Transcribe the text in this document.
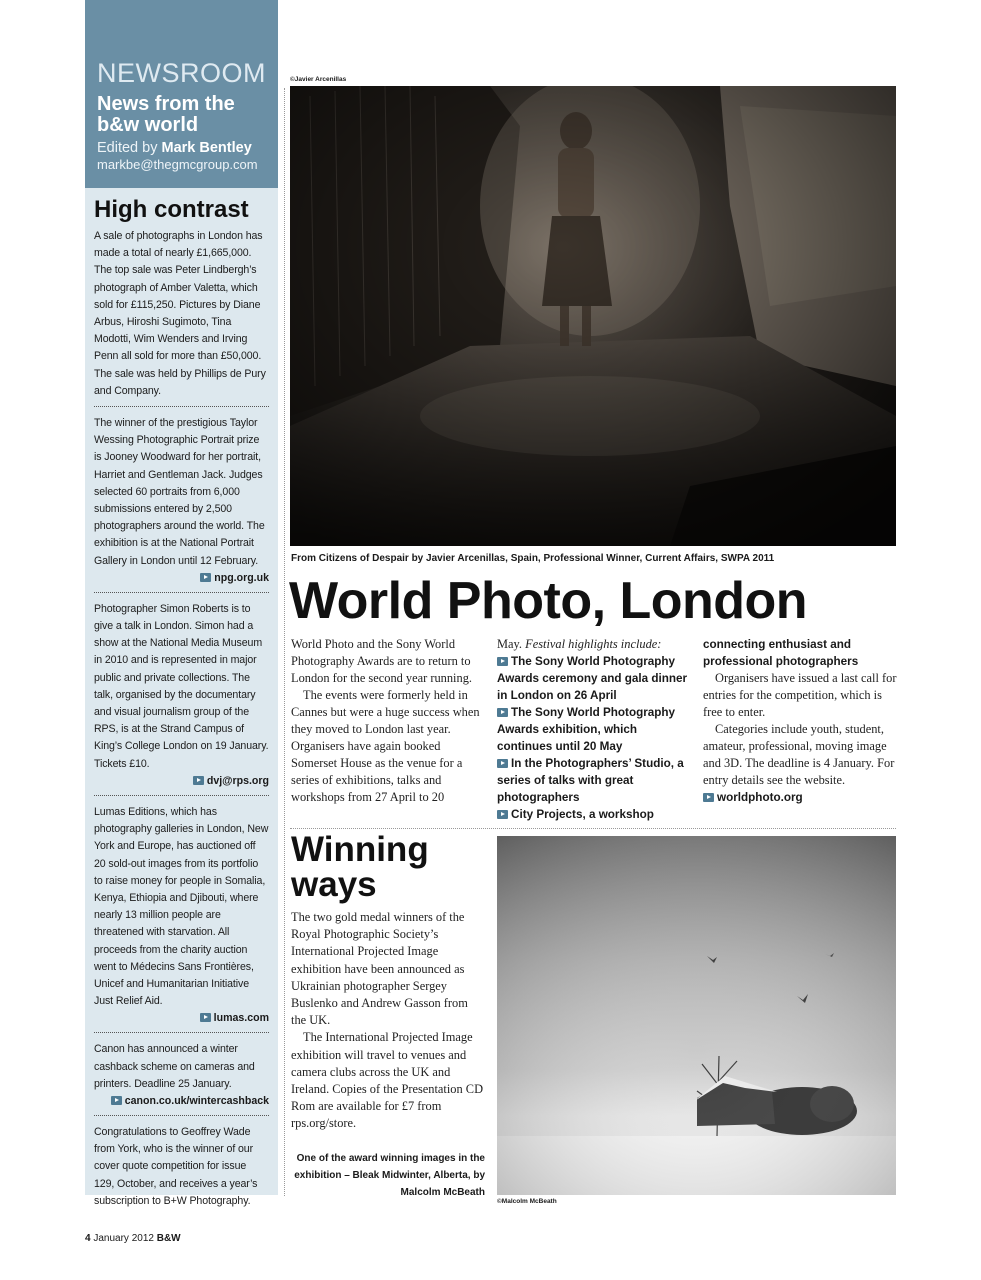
NEWSROOM
News from the b&w world
Edited by Mark Bentley
markbe@thegmcgroup.com
High contrast

A sale of photographs in London has made a total of nearly £1,665,000. The top sale was Peter Lindbergh’s photograph of Amber Valetta, which sold for £115,250. Pictures by Diane Arbus, Hiroshi Sugimoto, Tina Modotti, Wim Wenders and Irving Penn all sold for more than £50,000. The sale was held by Phillips de Pury and Company.

The winner of the prestigious Taylor Wessing Photographic Portrait prize is Jooney Woodward for her portrait, Harriet and Gentleman Jack. Judges selected 60 portraits from 6,000 submissions entered by 2,500 photographers around the world. The exhibition is at the National Portrait Gallery in London until 12 February.

npg.org.uk

Photographer Simon Roberts is to give a talk in London. Simon had a show at the National Media Museum in 2010 and is represented in major public and private collections. The talk, organised by the documentary and visual journalism group of the RPS, is at the Strand Campus of King’s College London on 19 January. Tickets £10.

dvj@rps.org

Lumas Editions, which has photography galleries in London, New York and Europe, has auctioned off 20 sold-out images from its portfolio to raise money for people in Somalia, Kenya, Ethiopia and Djibouti, where nearly 13 million people are threatened with starvation. All proceeds from the charity auction went to Médecins Sans Frontières, Unicef and Humanitarian Initiative Just Relief Aid.

lumas.com

Canon has announced a winter cashback scheme on cameras and printers. Deadline 25 January.

canon.co.uk/wintercashback

Congratulations to Geoffrey Wade from York, who is the winner of our cover quote competition for issue 129, October, and receives a year’s subscription to B+W Photography.

©Javier Arcenillas
From Citizens of Despair by Javier Arcenillas, Spain, Professional Winner, Current Affairs, SWPA 2011
World Photo, London

World Photo and the Sony World Photography Awards are to return to London for the second year running.

The events were formerly held in Cannes but were a huge success when they moved to London last year. Organisers have again booked Somerset House as the venue for a series of exhibitions, talks and workshops from 27 April to 20

May. Festival highlights include:

The Sony World Photography Awards ceremony and gala dinner in London on 26 April

The Sony World Photography Awards exhibition, which continues until 20 May

In the Photographers’ Studio, a series of talks with great photographers

City Projects, a workshop

connecting enthusiast and professional photographers

Organisers have issued a last call for entries for the competition, which is free to enter.

Categories include youth, student, amateur, professional, moving image and 3D. The deadline is 4 January. For entry details see the website.

worldphoto.org

Winning
ways

The two gold medal winners of the Royal Photographic Society’s International Projected Image exhibition have been announced as Ukrainian photographer Sergey Buslenko and Andrew Gasson from the UK.

The International Projected Image exhibition will travel to venues and camera clubs across the UK and Ireland. Copies of the Presentation CD Rom are available for £7 from rps.org/store.

One of the award winning images in the exhibition – Bleak Midwinter, Alberta, by Malcolm McBeath
©Malcolm McBeath
4 January 2012 B&W
